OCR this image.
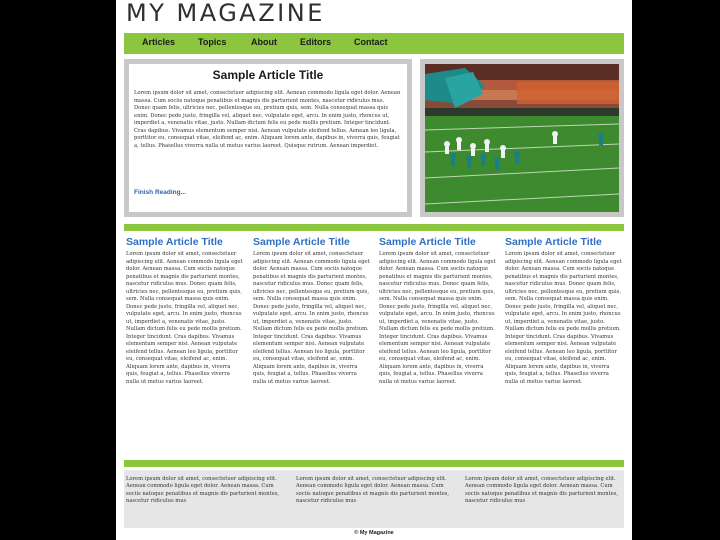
MY MAGAZINE
Articles	Topics	About	Editors	Contact
Sample Article Title

Lorem ipsum dolor sit amet, consectetuer adipiscing elit. Aenean commodo ligula eget dolor. Aenean massa. Cum sociis natoque penatibus et magnis dis parturient montes, nascetur ridiculus mus. Donec quam felis, ultricies nec, pellentesque eu, pretium quis, sem. Nulla consequat massa quis enim. Donec pede justo, fringilla vel, aliquet nec, vulputate eget, arcu. In enim justo, rhoncus ut, imperdiet a, venenatis vitae, justo. Nullam dictum felis eu pede mollis pretium. Integer tincidunt. Cras dapibus. Vivamus elementum semper nisi. Aenean vulputate eleifend tellus. Aenean leo ligula, porttitor eu, consequat vitae, eleifend ac, enim. Aliquam lorem ante, dapibus in, viverra quis, feugiat a, tellus. Phasellus viverra nulla ut metus varius laoreet. Quisque rutrum. Aenean imperdiet.

Finish Reading...
Sample Article Title

Lorem ipsum dolor sit amet, consectetuer adipiscing elit. Aenean commodo ligula eget dolor. Aenean massa. Cum sociis natoque penatibus et magnis dis parturient montes, nascetur ridiculus mus. Donec quam felis, ultricies nec, pellentesque eu, pretium quis, sem. Nulla consequat massa quis enim. Donec pede justo, fringilla vel, aliquet nec, vulputate eget, arcu. In enim justo, rhoncus ut, imperdiet a, venenatis vitae, justo. Nullam dictum felis eu pede mollis pretium. Integer tincidunt. Cras dapibus. Vivamus elementum semper nisi. Aenean vulputate eleifend tellus. Aenean leo ligula, porttitor eu, consequat vitae, eleifend ac, enim. Aliquam lorem ante, dapibus in, viverra quis, feugiat a, tellus. Phasellus viverra nulla ut metus varius laoreet.

Sample Article Title

Lorem ipsum dolor sit amet, consectetuer adipiscing elit. Aenean commodo ligula eget dolor. Aenean massa. Cum sociis natoque penatibus et magnis dis parturient montes, nascetur ridiculus mus. Donec quam felis, ultricies nec, pellentesque eu, pretium quis, sem. Nulla consequat massa quis enim. Donec pede justo, fringilla vel, aliquet nec, vulputate eget, arcu. In enim justo, rhoncus ut, imperdiet a, venenatis vitae, justo. Nullam dictum felis eu pede mollis pretium. Integer tincidunt. Cras dapibus. Vivamus elementum semper nisi. Aenean vulputate eleifend tellus. Aenean leo ligula, porttitor eu, consequat vitae, eleifend ac, enim. Aliquam lorem ante, dapibus in, viverra quis, feugiat a, tellus. Phasellus viverra nulla ut metus varius laoreet.

Sample Article Title

Lorem ipsum dolor sit amet, consectetuer adipiscing elit. Aenean commodo ligula eget dolor. Aenean massa. Cum sociis natoque penatibus et magnis dis parturient montes, nascetur ridiculus mus. Donec quam felis, ultricies nec, pellentesque eu, pretium quis, sem. Nulla consequat massa quis enim. Donec pede justo, fringilla vel, aliquet nec, vulputate eget, arcu. In enim justo, rhoncus ut, imperdiet a, venenatis vitae, justo. Nullam dictum felis eu pede mollis pretium. Integer tincidunt. Cras dapibus. Vivamus elementum semper nisi. Aenean vulputate eleifend tellus. Aenean leo ligula, porttitor eu, consequat vitae, eleifend ac, enim. Aliquam lorem ante, dapibus in, viverra quis, feugiat a, tellus. Phasellus viverra nulla ut metus varius laoreet.

Sample Article Title

Lorem ipsum dolor sit amet, consectetuer adipiscing elit. Aenean commodo ligula eget dolor. Aenean massa. Cum sociis natoque penatibus et magnis dis parturient montes, nascetur ridiculus mus. Donec quam felis, ultricies nec, pellentesque eu, pretium quis, sem. Nulla consequat massa quis enim. Donec pede justo, fringilla vel, aliquet nec, vulputate eget, arcu. In enim justo, rhoncus ut, imperdiet a, venenatis vitae, justo. Nullam dictum felis eu pede mollis pretium. Integer tincidunt. Cras dapibus. Vivamus elementum semper nisi. Aenean vulputate eleifend tellus. Aenean leo ligula, porttitor eu, consequat vitae, eleifend ac, enim. Aliquam lorem ante, dapibus in, viverra quis, feugiat a, tellus. Phasellus viverra nulla ut metus varius laoreet.

Lorem ipsum dolor sit amet, consectetuer adipiscing elit. Aenean commodo ligula eget dolor. Aenean massa. Cum sociis natoque penatibus et magnis dis parturient montes, nascetur ridiculus mus

Lorem ipsum dolor sit amet, consectetuer adipiscing elit. Aenean commodo ligula eget dolor. Aenean massa. Cum sociis natoque penatibus et magnis dis parturient montes, nascetur ridiculus mus

Lorem ipsum dolor sit amet, consectetuer adipiscing elit. Aenean commodo ligula eget dolor. Aenean massa. Cum sociis natoque penatibus et magnis dis parturient montes, nascetur ridiculus mus

© My Magazine
